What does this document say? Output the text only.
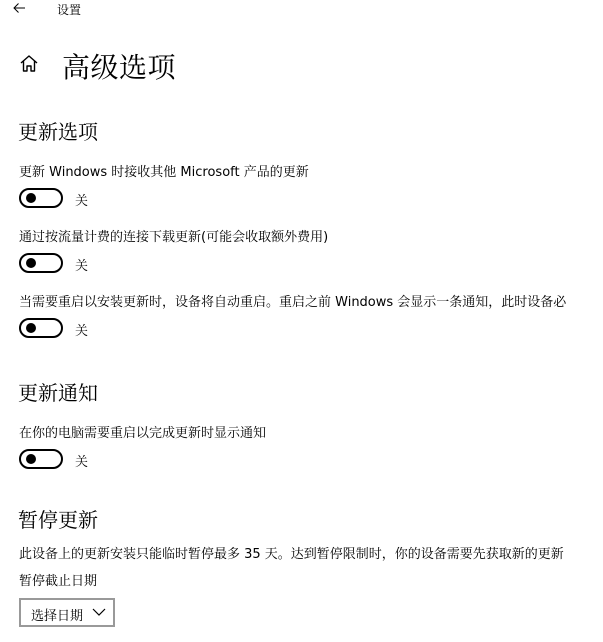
设置
高级选项
更新选项
更新 Windows 时接收其他 Microsoft 产品的更新
关
通过按流量计费的连接下载更新(可能会收取额外费用)
关
当需要重启以安装更新时，设备将自动重启。重启之前 Windows 会显示一条通知，此时设备必
关
更新通知
在你的电脑需要重启以完成更新时显示通知
关
暂停更新
此设备上的更新安装只能临时暂停最多 35 天。达到暂停限制时，你的设备需要先获取新的更新
暂停截止日期
选择日期
